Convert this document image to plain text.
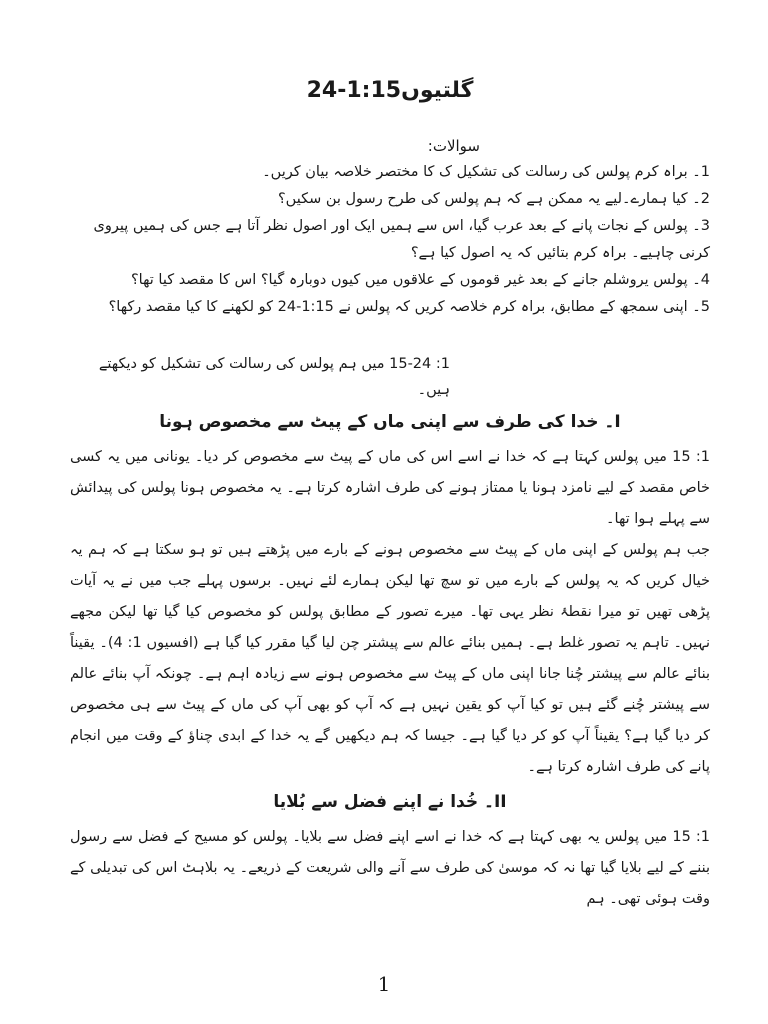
گلتیوں1:15-24
سوالات:

1۔ براہ کرم پولس کی رسالت کی تشکیل ک کا مختصر خلاصہ بیان کریں۔

2۔ کیا ہمارے۔لیے یہ ممکن ہے کہ ہم پولس کی طرح رسول بن سکیں؟

3۔ پولس کے نجات پانے کے بعد عرب گیا، اس سے ہمیں ایک اور اصول نظر آتا ہے جس کی ہمیں پیروی کرنی چاہیے۔ براہ کرم بتائیں کہ یہ اصول کیا ہے؟

4۔ پولس یروشلم جانے کے بعد غیر قوموں کے علاقوں میں کیوں دوبارہ گیا؟ اس کا مقصد کیا تھا؟

5۔ اپنی سمجھ کے مطابق، براہ کرم خلاصہ کریں کہ پولس نے 1:15-24 کو لکھنے کا کیا مقصد رکھا؟

1: 15-24 میں ہم پولس کی رسالت کی تشکیل کو دیکھتے ہیں۔

I۔ خدا کی طرف سے اپنی ماں کے پیٹ سے مخصوص ہونا

1: 15 میں پولس کہتا ہے کہ خدا نے اسے اس کی ماں کے پیٹ سے مخصوص کر دیا۔ یونانی میں یہ کسی خاص مقصد کے لیے نامزد ہونا یا ممتاز ہونے کی طرف اشارہ کرتا ہے۔ یہ مخصوص ہونا پولس کی پیدائش سے پہلے ہوا تھا۔

جب ہم پولس کے اپنی ماں کے پیٹ سے مخصوص ہونے کے بارے میں پڑھتے ہیں تو ہو سکتا ہے کہ ہم یہ خیال کریں کہ یہ پولس کے بارے میں تو سچ تھا لیکن ہمارے لئے نہیں۔ برسوں پہلے جب میں نے یہ آیات پڑھی تھیں تو میرا نقطۂ نظر یہی تھا۔ میرے تصور کے مطابق پولس کو مخصوص کیا گیا تھا لیکن مجھے نہیں۔ تاہم یہ تصور غلط ہے۔ ہمیں بنائے عالم سے پیشتر چن لیا گیا مقرر کیا گیا ہے (افسیوں 1: 4)۔ یقیناً بنائے عالم سے پیشتر چُنا جانا اپنی ماں کے پیٹ سے مخصوص ہونے سے زیادہ اہم ہے۔ چونکہ آپ بنائے عالم سے پیشتر چُنے گئے ہیں تو کیا آپ کو یقین نہیں ہے کہ آپ کو بھی آپ کی ماں کے پیٹ سے ہی مخصوص کر دیا گیا ہے؟ یقیناً آپ کو کر دیا گیا ہے۔ جیسا کہ ہم دیکھیں گے یہ خدا کے ابدی چناؤ کے وقت میں انجام پانے کی طرف اشارہ کرتا ہے۔

II۔ خُدا نے اپنے فضل سے بُلایا

1: 15 میں پولس یہ بھی کہتا ہے کہ خدا نے اسے اپنے فضل سے بلایا۔ پولس کو مسیح کے فضل سے رسول بننے کے لیے بلایا گیا تھا نہ کہ موسیٰ کی طرف سے آنے والی شریعت کے ذریعے۔ یہ بلاہٹ اس کی تبدیلی کے وقت ہوئی تھی۔ ہم

1
